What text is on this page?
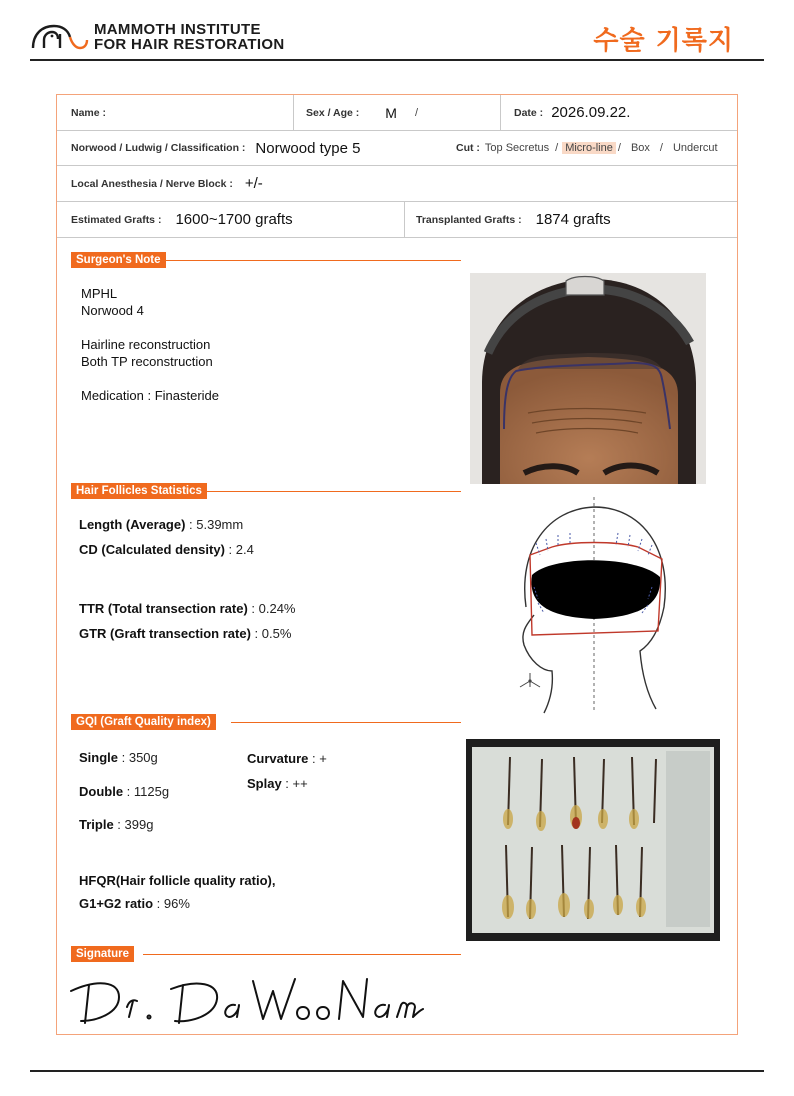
MAMMOTH INSTITUTE
FOR HAIR RESTORATION	수술 기록지
Name :	Sex / Age : M /	Date : 2026.09.22.
Norwood / Ludwig / Classification : Norwood type 5	Cut : Top Secretus / Micro-line / Box / Undercut
Local Anesthesia / Nerve Block : +/-
Estimated Grafts : 1600~1700 grafts	Transplanted Grafts : 1874 grafts
Surgeon's Note
MPHL
Norwood 4
Hairline reconstruction
Both TP reconstruction
Medication : Finasteride
Hair Follicles Statistics
Length (Average) : 5.39mm
CD (Calculated density) : 2.4
TTR (Total transection rate) : 0.24%
GTR (Graft transection rate) : 0.5%
GQI (Graft Quality index)
Single : 350g
Double : 1125g
Triple : 399g
Curvature : +
Splay : ++
HFQR(Hair follicle quality ratio),
G1+G2 ratio : 96%
Signature
